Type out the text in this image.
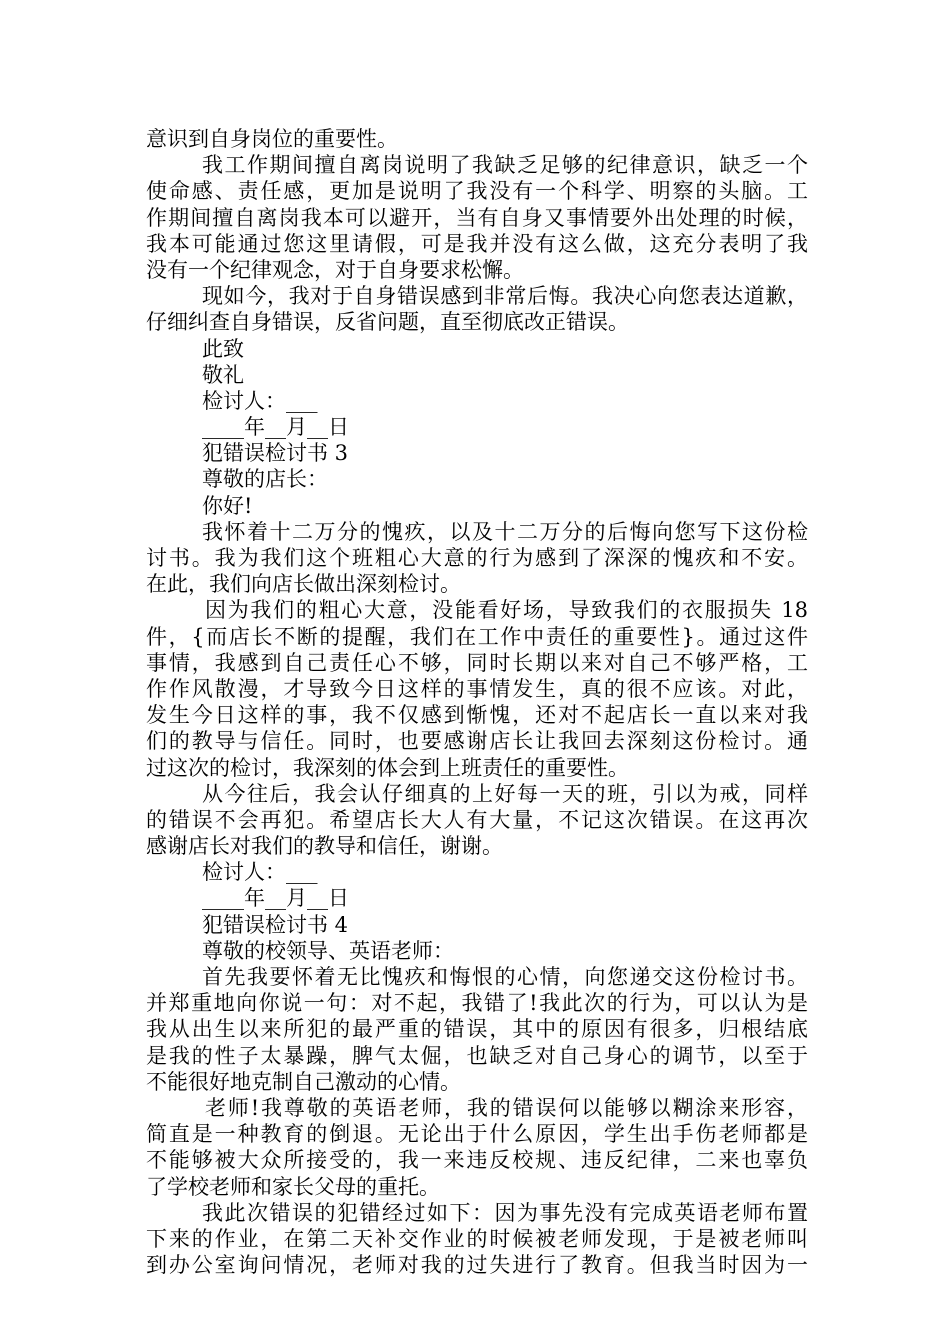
意识到自身岗位的重要性。
我工作期间擅自离岗说明了我缺乏足够的纪律意识，缺乏一个
使命感、责任感，更加是说明了我没有一个科学、明察的头脑。工
作期间擅自离岗我本可以避开，当有自身又事情要外出处理的时候，
我本可能通过您这里请假，可是我并没有这么做，这充分表明了我
没有一个纪律观念，对于自身要求松懈。
现如今，我对于自身错误感到非常后悔。我决心向您表达道歉，
仔细纠查自身错误，反省问题，直至彻底改正错误。
此致
敬礼
检讨人：___
____年__月__日
犯错误检讨书 3
尊敬的店长：
你好!
我怀着十二万分的愧疚，以及十二万分的后悔向您写下这份检
讨书。我为我们这个班粗心大意的行为感到了深深的愧疚和不安。
在此，我们向店长做出深刻检讨。
因为我们的粗心大意，没能看好场，导致我们的衣服损失 18
件，{而店长不断的提醒，我们在工作中责任的重要性}。通过这件
事情，我感到自己责任心不够，同时长期以来对自己不够严格，工
作作风散漫，才导致今日这样的事情发生，真的很不应该。对此，
发生今日这样的事，我不仅感到惭愧，还对不起店长一直以来对我
们的教导与信任。同时，也要感谢店长让我回去深刻这份检讨。通
过这次的检讨，我深刻的体会到上班责任的重要性。
从今往后，我会认仔细真的上好每一天的班，引以为戒，同样
的错误不会再犯。希望店长大人有大量，不记这次错误。在这再次
感谢店长对我们的教导和信任，谢谢。
检讨人：___
____年__月__日
犯错误检讨书 4
尊敬的校领导、英语老师：
首先我要怀着无比愧疚和悔恨的心情，向您递交这份检讨书。
并郑重地向你说一句：对不起，我错了!我此次的行为，可以认为是
我从出生以来所犯的最严重的错误，其中的原因有很多，归根结底
是我的性子太暴躁，脾气太倔，也缺乏对自己身心的调节，以至于
不能很好地克制自己激动的心情。
老师!我尊敬的英语老师，我的错误何以能够以糊涂来形容，
简直是一种教育的倒退。无论出于什么原因，学生出手伤老师都是
不能够被大众所接受的，我一来违反校规、违反纪律，二来也辜负
了学校老师和家长父母的重托。
我此次错误的犯错经过如下：因为事先没有完成英语老师布置
下来的作业，在第二天补交作业的时候被老师发现，于是被老师叫
到办公室询问情况，老师对我的过失进行了教育。但我当时因为一
